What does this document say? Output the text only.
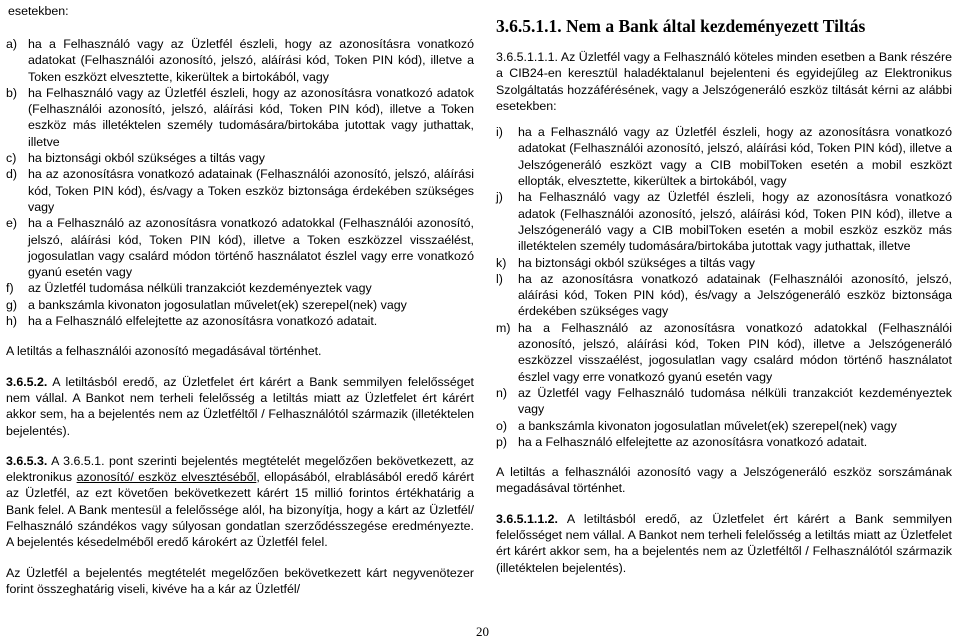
esetekben:
a) ha a Felhasználó vagy az Üzletfél észleli, hogy az azonosításra vonatkozó adatokat (Felhasználói azonosító, jelszó, aláírási kód, Token PIN kód), illetve a Token eszközt elvesztette, kikerültek a birtokából, vagy
b) ha Felhasználó vagy az Üzletfél észleli, hogy az azonosításra vonatkozó adatok (Felhasználói azonosító, jelszó, aláírási kód, Token PIN kód), illetve a Token eszköz más illetéktelen személy tudomására/birtokába jutottak vagy juthattak, illetve
c) ha biztonsági okból szükséges a tiltás vagy
d) ha az azonosításra vonatkozó adatainak (Felhasználói azonosító, jelszó, aláírási kód, Token PIN kód), és/vagy a Token eszköz biztonsága érdekében szükséges vagy
e) ha a Felhasználó az azonosításra vonatkozó adatokkal (Felhasználói azonosító, jelszó, aláírási kód, Token PIN kód), illetve a Token eszközzel visszaélést, jogosulatlan vagy csalárd módon történő használatot észlel vagy erre vonatkozó gyanú esetén vagy
f)	az Üzletfél tudomása nélküli tranzakciót kezdeményeztek vagy
g) a bankszámla kivonaton jogosulatlan művelet(ek) szerepel(nek) vagy
h) ha a Felhasználó elfelejtette az azonosításra vonatkozó adatait.

A letiltás a felhasználói azonosító megadásával történhet.

3.6.5.2. A letiltásból eredő, az Üzletfelet ért kárért a Bank semmilyen felelősséget nem vállal. A Bankot nem terheli felelősség a letiltás miatt az Üzletfelet ért kárért akkor sem, ha a bejelentés nem az Üzletféltől / Felhasználótól származik (illetéktelen bejelentés).

3.6.5.3. A 3.6.5.1. pont szerinti bejelentés megtételét megelőzően bekövetkezett, az elektronikus azonosító/ eszköz elvesztéséből, ellopásából, elrablásából eredő kárért az Üzletfél, az ezt követően bekövetkezett kárért 15 millió forintos értékhatárig a Bank felel. A Bank mentesül a felelőssége alól, ha bizonyítja, hogy a kárt az Üzletfél/ Felhasználó szándékos vagy súlyosan gondatlan szerződésszegése eredményezte. A bejelentés késedelméből eredő károkért az Üzletfél felel.

Az Üzletfél a bejelentés megtételét megelőzően bekövetkezett kárt negyvenötezer forint összeghatárig viseli, kivéve ha a kár az Üzletfél/

3.6.5.1.1. Nem a Bank által kezdeményezett Tiltás

3.6.5.1.1.1. Az Üzletfél vagy a Felhasználó köteles minden esetben a Bank részére a CIB24-en keresztül haladéktalanul bejelenteni és egyidejűleg az Elektronikus Szolgáltatás hozzáférésének, vagy a Jelszógeneráló eszköz tiltását kérni az alábbi esetekben:

i)	ha a Felhasználó vagy az Üzletfél észleli, hogy az azonosításra vonatkozó adatokat (Felhasználói azonosító, jelszó, aláírási kód, Token PIN kód), illetve a Jelszógeneráló eszközt vagy a CIB mobilToken esetén a mobil eszközt ellopták, elvesztette, kikerültek a birtokából, vagy
j)	ha Felhasználó vagy az Üzletfél észleli, hogy az azonosításra vonatkozó adatok (Felhasználói azonosító, jelszó, aláírási kód, Token PIN kód), illetve a Jelszógeneráló vagy a CIB mobilToken esetén a mobil eszköz eszköz más illetéktelen személy tudomására/birtokába jutottak vagy juthattak, illetve
k) ha biztonsági okból szükséges a tiltás vagy
l)	ha az azonosításra vonatkozó adatainak (Felhasználói azonosító, jelszó, aláírási kód, Token PIN kód), és/vagy a Jelszógeneráló eszköz biztonsága érdekében szükséges vagy
m) ha a Felhasználó az azonosításra vonatkozó adatokkal (Felhasználói azonosító, jelszó, aláírási kód, Token PIN kód), illetve a Jelszógeneráló eszközzel visszaélést, jogosulatlan vagy csalárd módon történő használatot észlel vagy erre vonatkozó gyanú esetén vagy
n) az Üzletfél vagy Felhasználó tudomása nélküli tranzakciót kezdeményeztek vagy
o) a bankszámla kivonaton jogosulatlan művelet(ek) szerepel(nek) vagy
p) ha a Felhasználó elfelejtette az azonosításra vonatkozó adatait.

A letiltás a felhasználói azonosító vagy a Jelszógeneráló eszköz sorszámának megadásával történhet.

3.6.5.1.1.2. A letiltásból eredő, az Üzletfelet ért kárért a Bank semmilyen felelősséget nem vállal. A Bankot nem terheli felelősség a letiltás miatt az Üzletfelet ért kárért akkor sem, ha a bejelentés nem az Üzletféltől / Felhasználótól származik (illetéktelen bejelentés).

20
